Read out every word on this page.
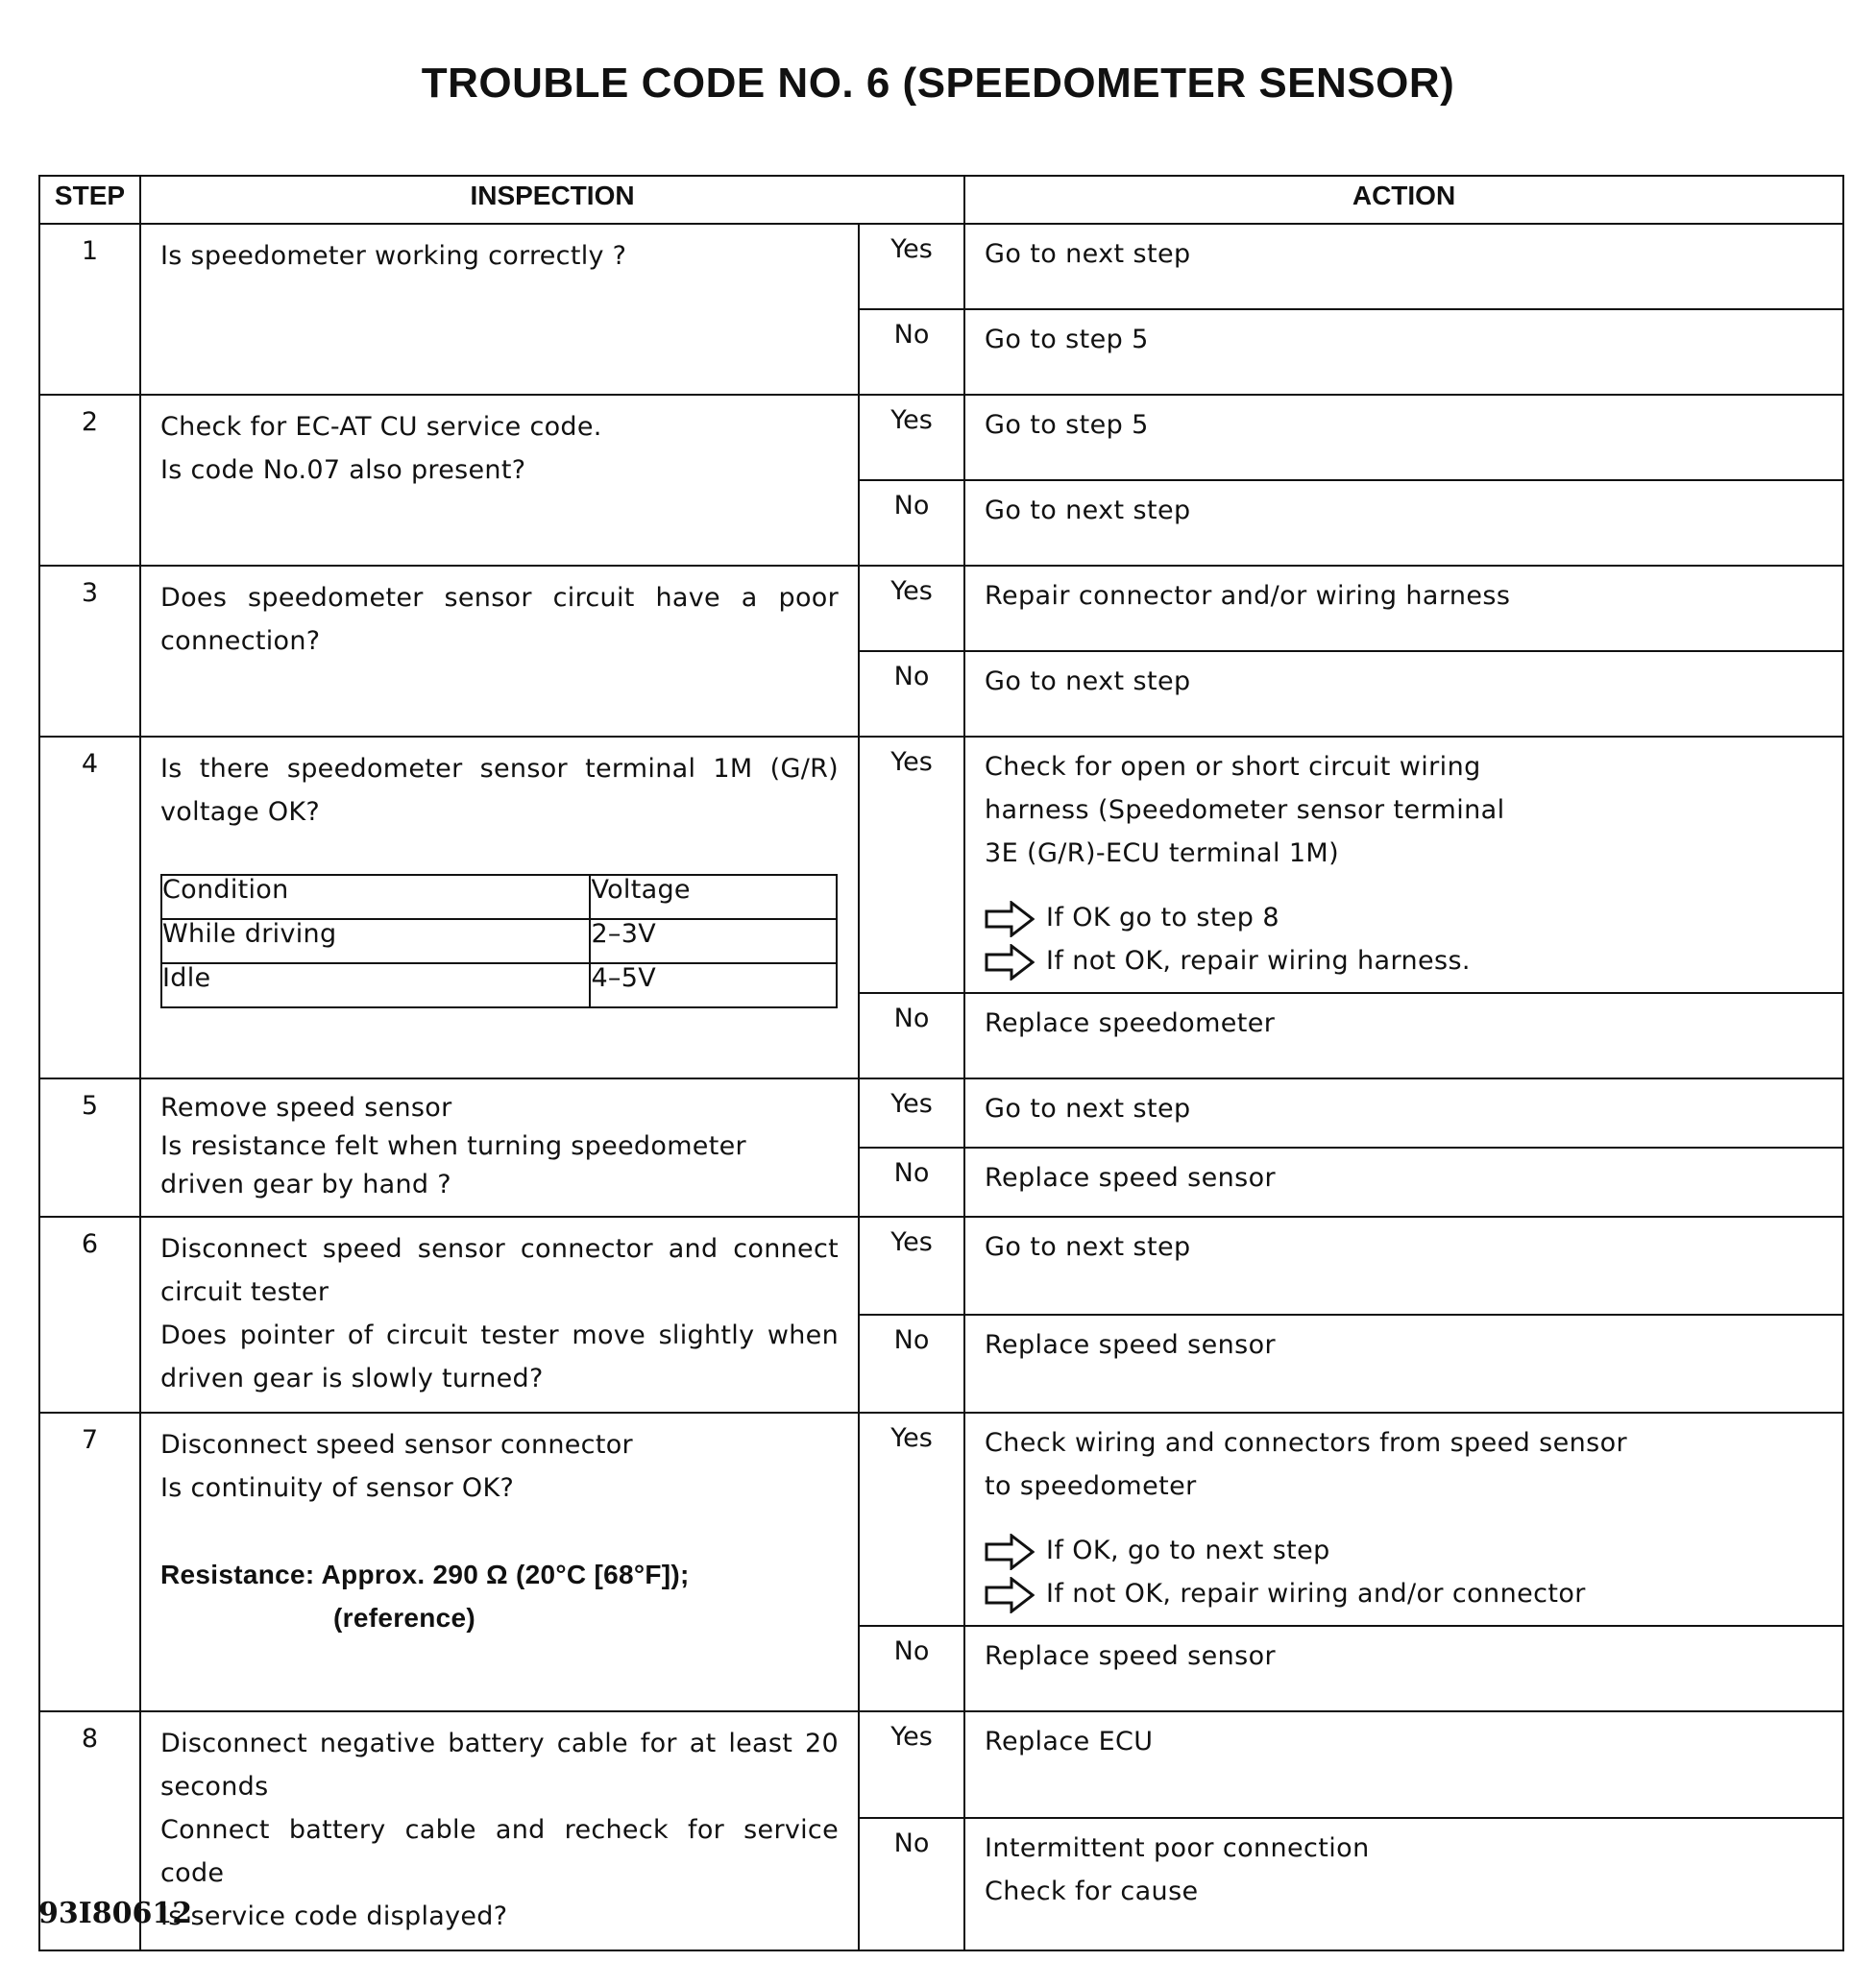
TROUBLE CODE NO. 6 (SPEEDOMETER SENSOR)
STEP	INSPECTION	ACTION
1	Is speedometer working correctly ?	Yes	Go to next step

No	Go to step 5

2	Check for EC-AT CU service code.
Is code No.07 also present?
	Yes	Go to step 5

No	Go to next step

3	Does speedometer sensor circuit have a poor connection?
	Yes	Repair connector and/or wiring harness

No	Go to next step

4	Is there speedometer sensor terminal 1M (G/R) voltage OK?
Condition	Voltage
While driving	2–3V
Idle	4–5V
	Yes	Check for open or short circuit wiring
harness (Speedometer sensor terminal
3E (G/R)-ECU terminal 1M)
If OK go to step 8
If not OK, repair wiring harness.

No	Replace speedometer

5	Remove speed sensor
Is resistance felt when turning speedometer
driven gear by hand ?
	Yes	Go to next step

No	Replace speed sensor

6	Disconnect speed sensor connector and connect circuit tester
Does pointer of circuit tester move slightly when driven gear is slowly turned?
	Yes	Go to next step

No	Replace speed sensor

7	Disconnect speed sensor connector
Is continuity of sensor OK?
Resistance: Approx. 290 Ω (20°C [68°F]);
(reference)
	Yes	Check wiring and connectors from speed sensor
to speedometer
If OK, go to next step
If not OK, repair wiring and/or connector

No	Replace speed sensor

8	Disconnect negative battery cable for at least 20 seconds
Connect battery cable and recheck for service code
Is service code displayed?
	Yes	Replace ECU

No	Intermittent poor connection
Check for cause
93I80612
